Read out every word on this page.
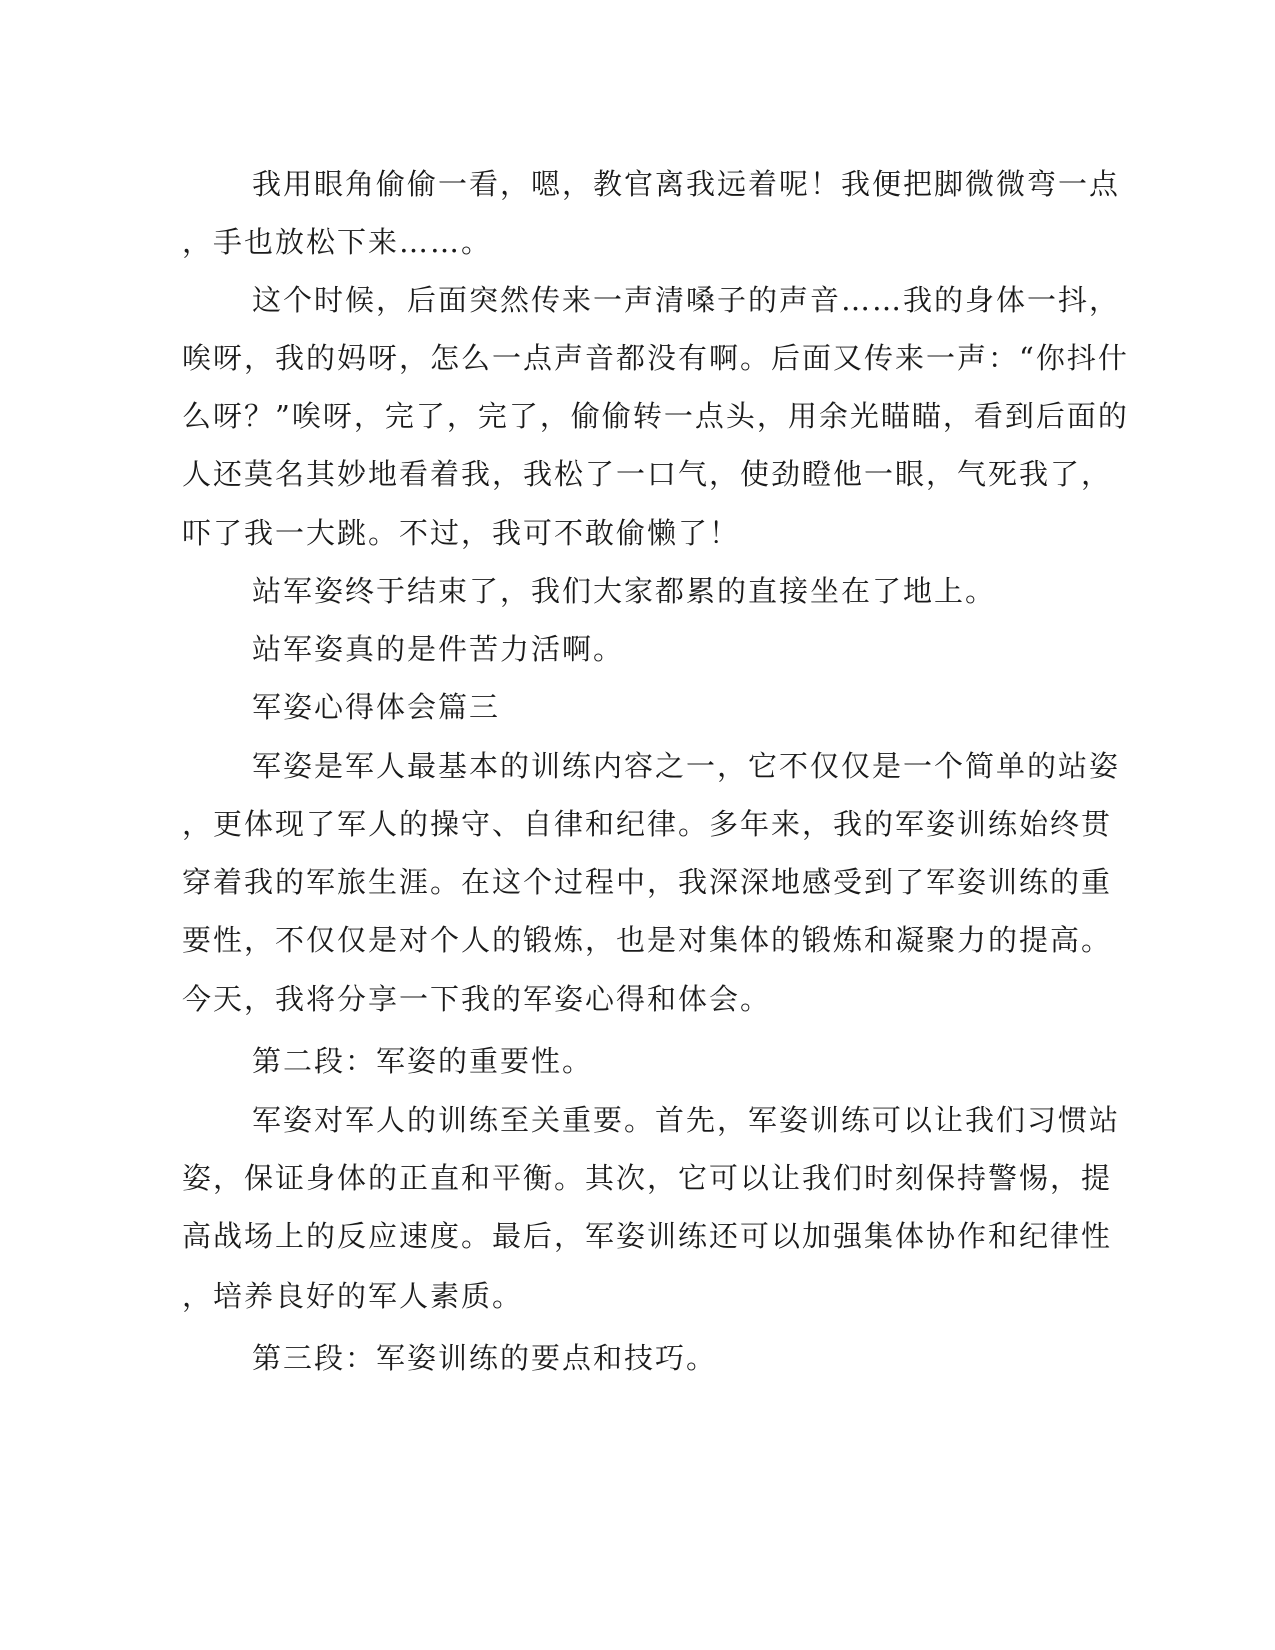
我用眼角偷偷一看，嗯，教官离我远着呢！我便把脚微微弯一点
，手也放松下来……。
这个时候，后面突然传来一声清嗓子的声音……我的身体一抖，
唉呀，我的妈呀，怎么一点声音都没有啊。后面又传来一声：“你抖什
么呀？”唉呀，完了，完了，偷偷转一点头，用余光瞄瞄，看到后面的
人还莫名其妙地看着我，我松了一口气，使劲瞪他一眼，气死我了，
吓了我一大跳。不过，我可不敢偷懒了！
站军姿终于结束了，我们大家都累的直接坐在了地上。
站军姿真的是件苦力活啊。
军姿心得体会篇三
军姿是军人最基本的训练内容之一，它不仅仅是一个简单的站姿
，更体现了军人的操守、自律和纪律。多年来，我的军姿训练始终贯
穿着我的军旅生涯。在这个过程中，我深深地感受到了军姿训练的重
要性，不仅仅是对个人的锻炼，也是对集体的锻炼和凝聚力的提高。
今天，我将分享一下我的军姿心得和体会。
第二段：军姿的重要性。
军姿对军人的训练至关重要。首先，军姿训练可以让我们习惯站
姿，保证身体的正直和平衡。其次，它可以让我们时刻保持警惕，提
高战场上的反应速度。最后，军姿训练还可以加强集体协作和纪律性
，培养良好的军人素质。
第三段：军姿训练的要点和技巧。
